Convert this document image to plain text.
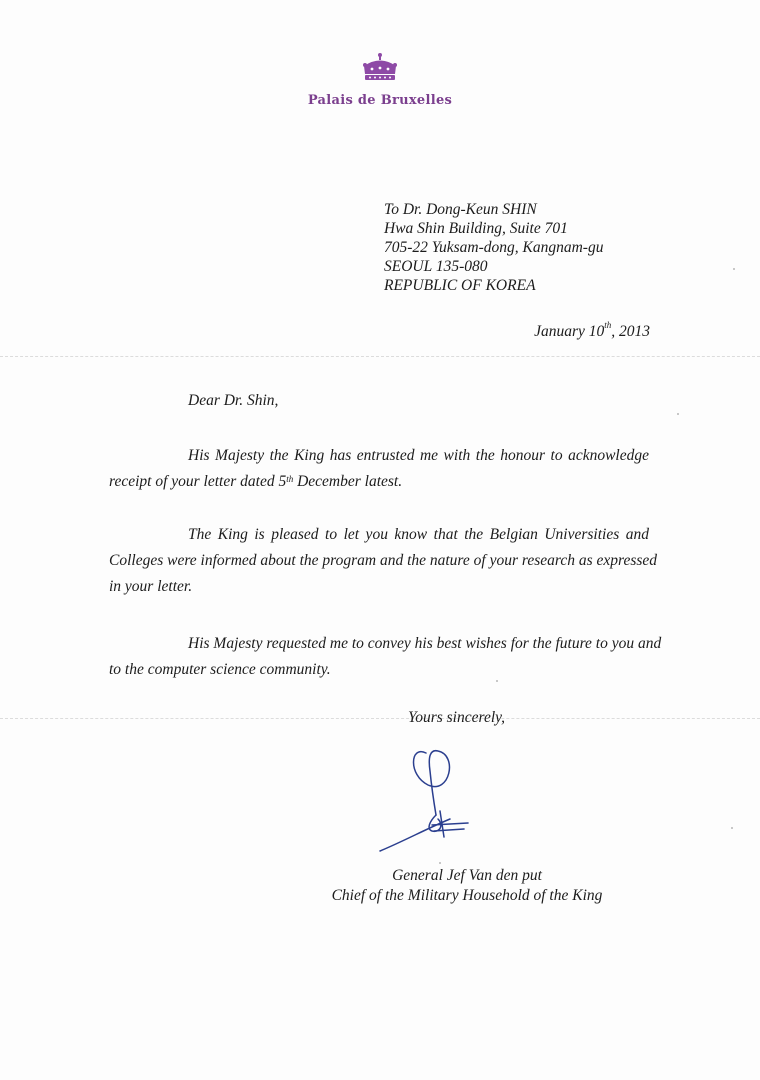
Palais de Bruxelles
To Dr. Dong-Keun SHIN
Hwa Shin Building, Suite 701
705-22 Yuksam-dong, Kangnam-gu
SEOUL 135-080
REPUBLIC OF KOREA
January 10th, 2013
Dear Dr. Shin,
His Majesty the King has entrusted me with the honour to acknowledge
receipt of your letter dated 5th December latest.
The King is pleased to let you know that the Belgian Universities and
Colleges were informed about the program and the nature of your research as expressed
in your letter.
His Majesty requested me to convey his best wishes for the future to you and
to the computer science community.
Yours sincerely,
General Jef Van den put
Chief of the Military Household of the King
